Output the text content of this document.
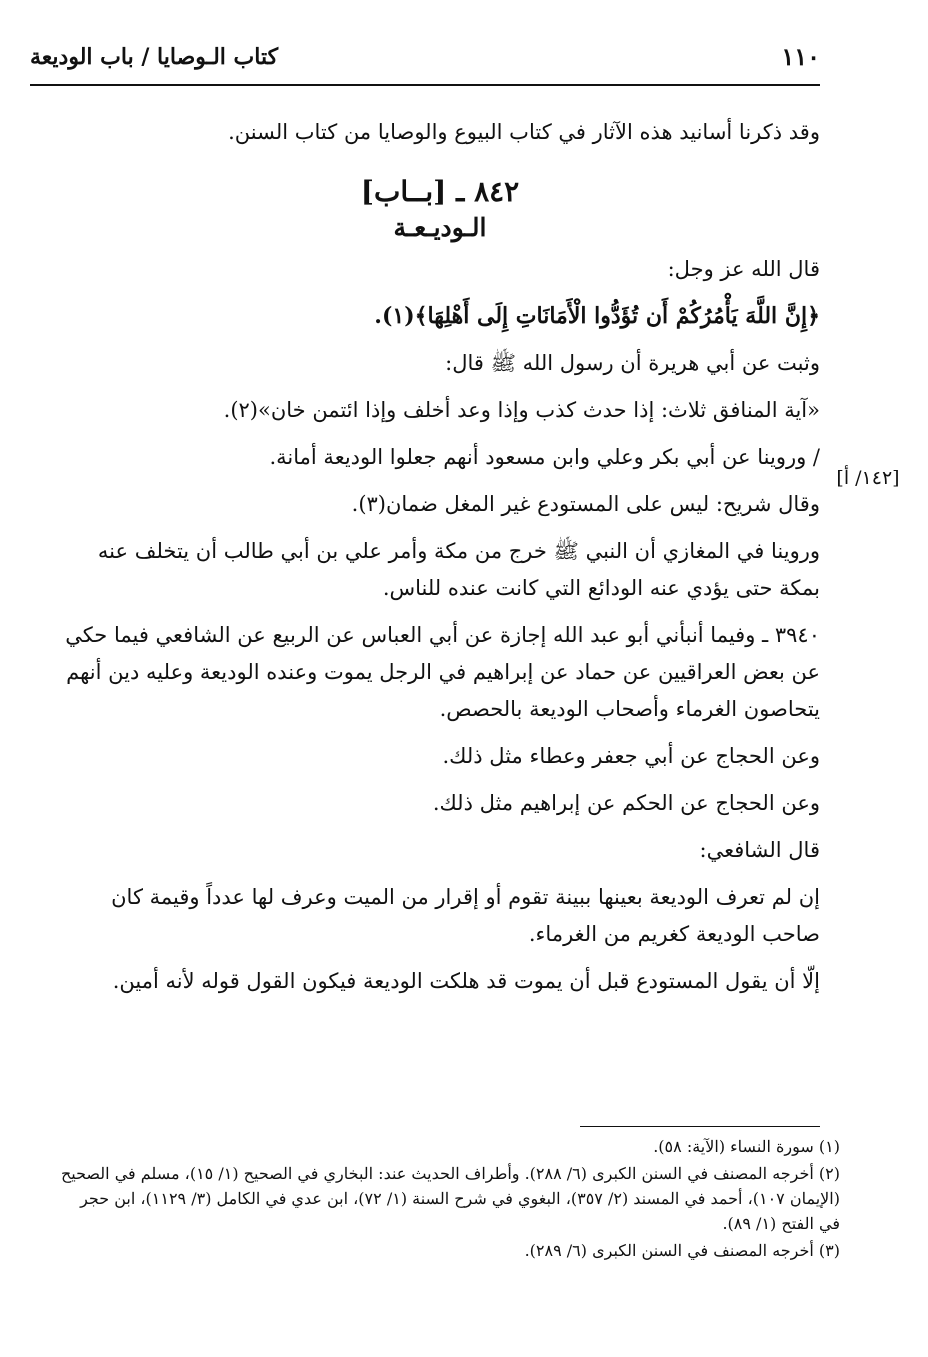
كتاب الـوصايا / باب الوديعة	١١٠
[١٤٢/ أ]

وقد ذكرنا أسانيد هذه الآثار في كتاب البيوع والوصايا من كتاب السنن.

٨٤٢ ـ [بــاب]
الـوديـعـة

قال الله عز وجل:

﴿إِنَّ اللَّهَ يَأْمُرُكُمْ أَن تُؤَدُّوا الْأَمَانَاتِ إِلَى أَهْلِهَا﴾(١).

وثبت عن أبي هريرة أن رسول الله ﷺ قال:

«آية المنافق ثلاث: إذا حدث كذب وإذا وعد أخلف وإذا ائتمن خان»(٢).

/ وروينا عن أبي بكر وعلي وابن مسعود أنهم جعلوا الوديعة أمانة.

وقال شريح: ليس على المستودع غير المغل ضمان(٣).

وروينا في المغازي أن النبي ﷺ خرج من مكة وأمر علي بن أبي طالب أن يتخلف عنه بمكة حتى يؤدي عنه الودائع التي كانت عنده للناس.

٣٩٤٠ ـ وفيما أنبأني أبو عبد الله إجازة عن أبي العباس عن الربيع عن الشافعي فيما حكي عن بعض العراقيين عن حماد عن إبراهيم في الرجل يموت وعنده الوديعة وعليه دين أنهم يتحاصون الغرماء وأصحاب الوديعة بالحصص.

وعن الحجاج عن أبي جعفر وعطاء مثل ذلك.

وعن الحجاج عن الحكم عن إبراهيم مثل ذلك.

قال الشافعي:

إن لم تعرف الوديعة بعينها ببينة تقوم أو إقرار من الميت وعرف لها عدداً وقيمة كان صاحب الوديعة كغريم من الغرماء.

إلّا أن يقول المستودع قبل أن يموت قد هلكت الوديعة فيكون القول قوله لأنه أمين.

(١) سورة النساء (الآية: ٥٨).

(٢) أخرجه المصنف في السنن الكبرى (٦/ ٢٨٨). وأطراف الحديث عند: البخاري في الصحيح (١/ ١٥)، مسلم في الصحيح (الإيمان ١٠٧)، أحمد في المسند (٢/ ٣٥٧)، البغوي في شرح السنة (١/ ٧٢)، ابن عدي في الكامل (٣/ ١١٢٩)، ابن حجر في الفتح (١/ ٨٩).

(٣) أخرجه المصنف في السنن الكبرى (٦/ ٢٨٩).
